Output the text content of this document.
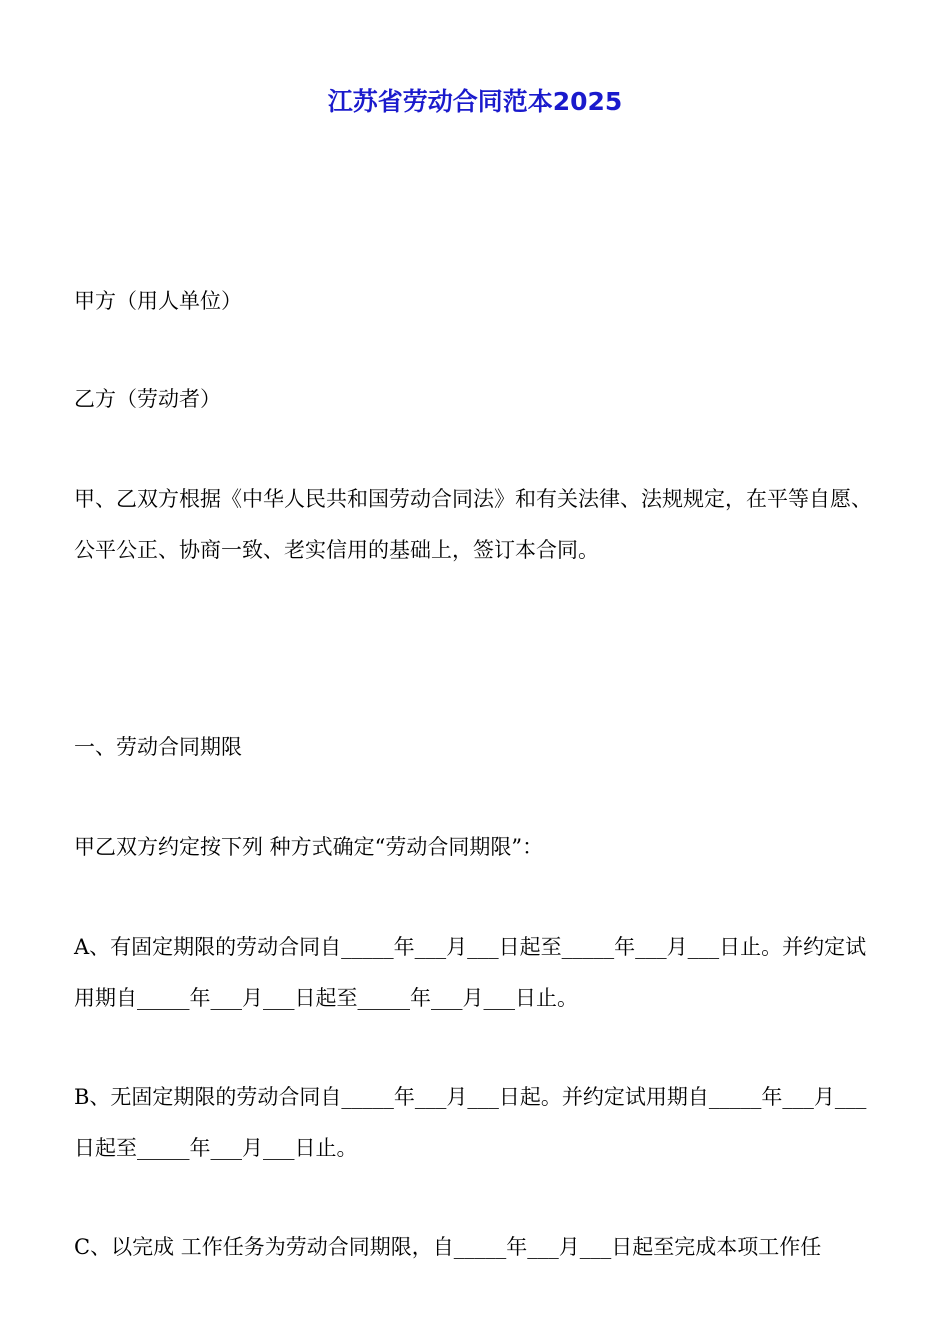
江苏省劳动合同范本2025

甲方（用人单位）

乙方（劳动者）

甲、乙双方根据《中华人民共和国劳动合同法》和有关法律、法规规定，在平等自愿、公平公正、协商一致、老实信用的基础上，签订本合同。

一、劳动合同期限

甲乙双方约定按下列 种方式确定“劳动合同期限”：

A、有固定期限的劳动合同自_____年___月___日起至_____年___月___日止。并约定试用期自_____年___月___日起至_____年___月___日止。

B、无固定期限的劳动合同自_____年___月___日起。并约定试用期自_____年___月___日起至_____年___月___日止。

C、以完成 工作任务为劳动合同期限，自_____年___月___日起至完成本项工作任
